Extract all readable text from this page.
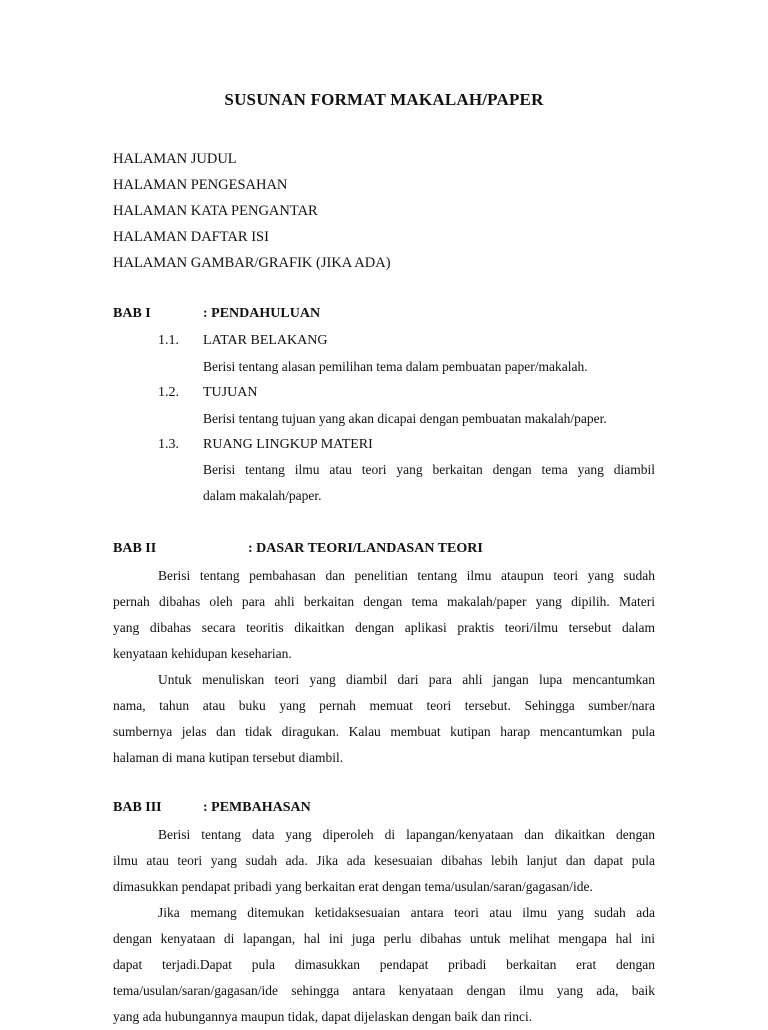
SUSUNAN FORMAT MAKALAH/PAPER
HALAMAN JUDUL
HALAMAN PENGESAHAN
HALAMAN KATA PENGANTAR
HALAMAN DAFTAR ISI
HALAMAN GAMBAR/GRAFIK (JIKA ADA)
BAB I	: PENDAHULUAN
1.1. LATAR BELAKANG
Berisi tentang alasan pemilihan tema dalam pembuatan paper/makalah.
1.2. TUJUAN
Berisi tentang tujuan yang akan dicapai dengan pembuatan makalah/paper.
1.3. RUANG LINGKUP MATERI
Berisi tentang ilmu atau teori yang berkaitan dengan tema yang diambil
dalam makalah/paper.
BAB II	: DASAR TEORI/LANDASAN TEORI
Berisi tentang pembahasan dan penelitian tentang ilmu ataupun teori yang sudah
pernah dibahas oleh para ahli berkaitan dengan tema makalah/paper yang dipilih. Materi
yang dibahas secara teoritis dikaitkan dengan aplikasi praktis teori/ilmu tersebut dalam
kenyataan kehidupan keseharian.
Untuk menuliskan teori yang diambil dari para ahli jangan lupa mencantumkan
nama, tahun atau buku yang pernah memuat teori tersebut. Sehingga sumber/nara
sumbernya jelas dan tidak diragukan. Kalau membuat kutipan harap mencantumkan pula
halaman di mana kutipan tersebut diambil.
BAB III	: PEMBAHASAN
Berisi tentang data yang diperoleh di lapangan/kenyataan dan dikaitkan dengan
ilmu atau teori yang sudah ada. Jika ada kesesuaian dibahas lebih lanjut dan dapat pula
dimasukkan pendapat pribadi yang berkaitan erat dengan tema/usulan/saran/gagasan/ide.
Jika memang ditemukan ketidaksesuaian antara teori atau ilmu yang sudah ada
dengan kenyataan di lapangan, hal ini juga perlu dibahas untuk melihat mengapa hal ini
dapat terjadi.Dapat pula dimasukkan pendapat pribadi berkaitan erat dengan
tema/usulan/saran/gagasan/ide sehingga antara kenyataan dengan ilmu yang ada, baik
yang ada hubungannya maupun tidak, dapat dijelaskan dengan baik dan rinci.
